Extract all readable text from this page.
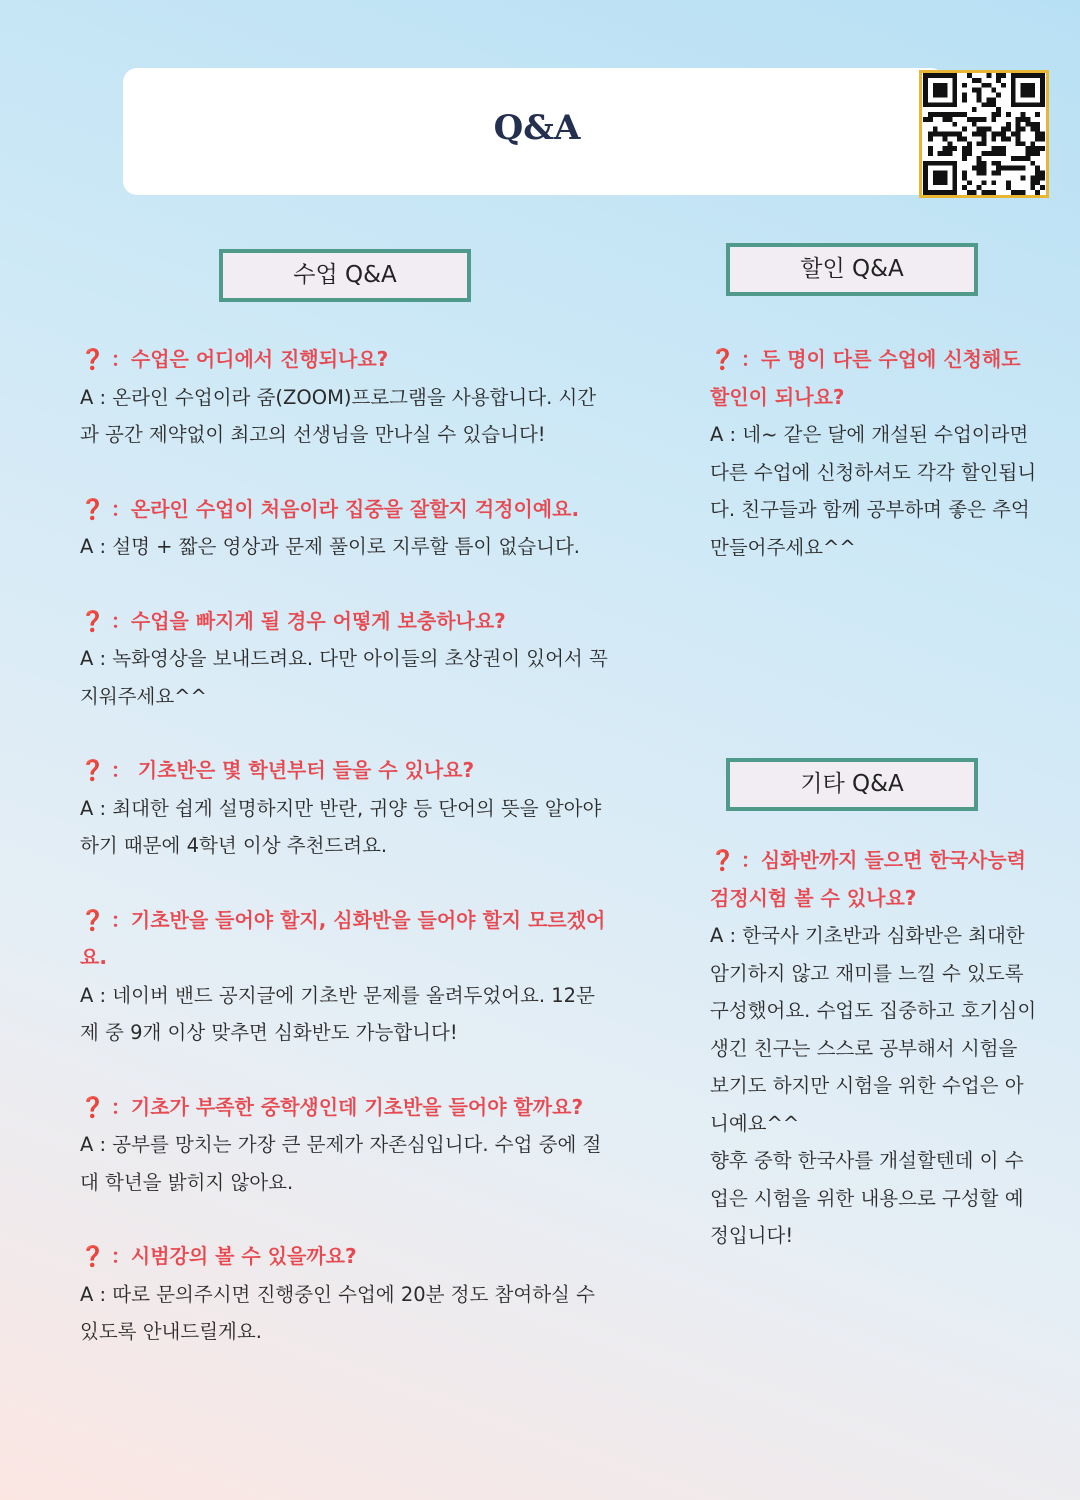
Q&A
수업 Q&A	할인 Q&A
기타 Q&A

❓ ：수업은 어디에서 진행되나요?

A : 온라인 수업이라 줌(ZOOM)프로그램을 사용합니다. 시간과 공간 제약없이 최고의 선생님을 만나실 수 있습니다!

❓ ：온라인 수업이 처음이라 집중을 잘할지 걱정이예요.

A : 설명 + 짧은 영상과 문제 풀이로 지루할 틈이 없습니다.

❓ ：수업을 빠지게 될 경우 어떻게 보충하나요?

A : 녹화영상을 보내드려요. 다만 아이들의 초상권이 있어서 꼭 지워주세요^^

❓ ： 기초반은 몇 학년부터 들을 수 있나요?

A : 최대한 쉽게 설명하지만 반란, 귀양 등 단어의 뜻을 알아야 하기 때문에 4학년 이상 추천드려요.

❓ ：기초반을 들어야 할지, 심화반을 들어야 할지 모르겠어요.

A : 네이버 밴드 공지글에 기초반 문제를 올려두었어요. 12문제 중 9개 이상 맞추면 심화반도 가능합니다!

❓ ：기초가 부족한 중학생인데 기초반을 들어야 할까요?

A : 공부를 망치는 가장 큰 문제가 자존심입니다. 수업 중에 절대 학년을 밝히지 않아요.

❓ ：시범강의 볼 수 있을까요?

A : 따로 문의주시면 진행중인 수업에 20분 정도 참여하실 수 있도록 안내드릴게요.

❓ ：두 명이 다른 수업에 신청해도 할인이 되나요?

A : 네~ 같은 달에 개설된 수업이라면 다른 수업에 신청하셔도 각각 할인됩니다. 친구들과 함께 공부하며 좋은 추억 만들어주세요^^

❓ ：심화반까지 들으면 한국사능력검정시험 볼 수 있나요?

A : 한국사 기초반과 심화반은 최대한 암기하지 않고 재미를 느낄 수 있도록 구성했어요. 수업도 집중하고 호기심이 생긴 친구는 스스로 공부해서 시험을 보기도 하지만 시험을 위한 수업은 아니예요^^

향후 중학 한국사를 개설할텐데 이 수업은 시험을 위한 내용으로 구성할 예정입니다!
